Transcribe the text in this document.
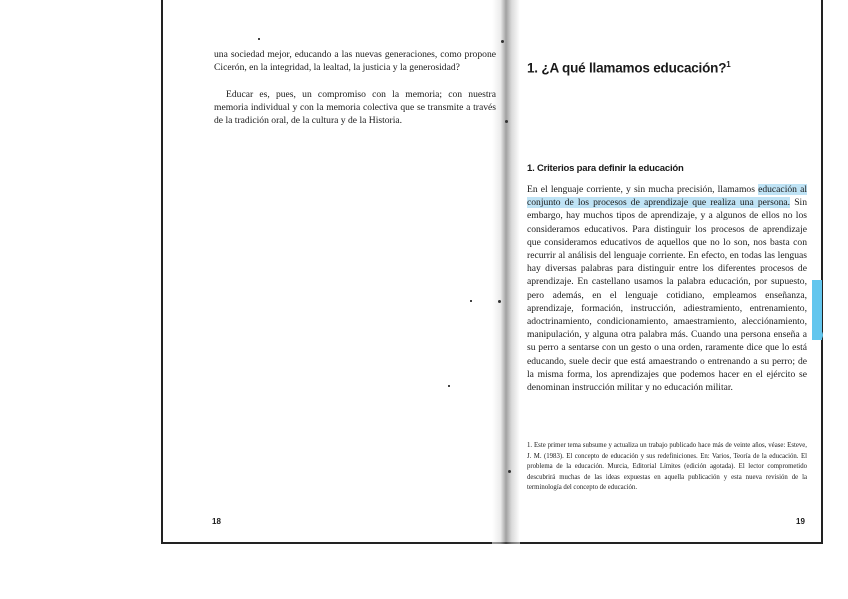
una sociedad mejor, educando a las nuevas generaciones, como propone Cicerón, en la integridad, la lealtad, la justicia y la generosidad?

Educar es, pues, un compromiso con la memoria; con nuestra memoria individual y con la memoria colectiva que se transmite a través de la tradición oral, de la cultura y de la Historia.

18
1. ¿A qué llamamos educación?$^1$
1. Criterios para definir la educación

En el lenguaje corriente, y sin mucha precisión, llamamos educación al conjunto de los procesos de aprendizaje que realiza una persona. Sin embargo, hay muchos tipos de aprendizaje, y a algunos de ellos no los consideramos educativos. Para distinguir los procesos de aprendizaje que consideramos educativos de aquellos que no lo son, nos basta con recurrir al análisis del lenguaje corriente. En efecto, en todas las lenguas hay diversas palabras para distinguir entre los diferentes procesos de aprendizaje. En castellano usamos la palabra educación, por supuesto, pero además, en el lenguaje cotidiano, empleamos enseñanza, aprendizaje, formación, instrucción, adiestramiento, entrenamiento, adoctrinamiento, condicionamiento, amaestramiento, alecciónamiento, manipulación, y alguna otra palabra más. Cuando una persona enseña a su perro a sentarse con un gesto o una orden, raramente dice que lo está educando, suele decir que está amaestrando o entrenando a su perro; de la misma forma, los aprendizajes que podemos hacer en el ejército se denominan instrucción militar y no educación militar.

1. Este primer tema subsume y actualiza un trabajo publicado hace más de veinte años, véase: Esteve, J. M. (1983). El concepto de educación y sus redefiniciones. En: Varios, Teoría de la educación. El problema de la educación. Murcia, Editorial Límites (edición agotada). El lector comprometido descubrirá muchas de las ideas expuestas en aquella publicación y esta nueva revisión de la terminología del concepto de educación.

19
